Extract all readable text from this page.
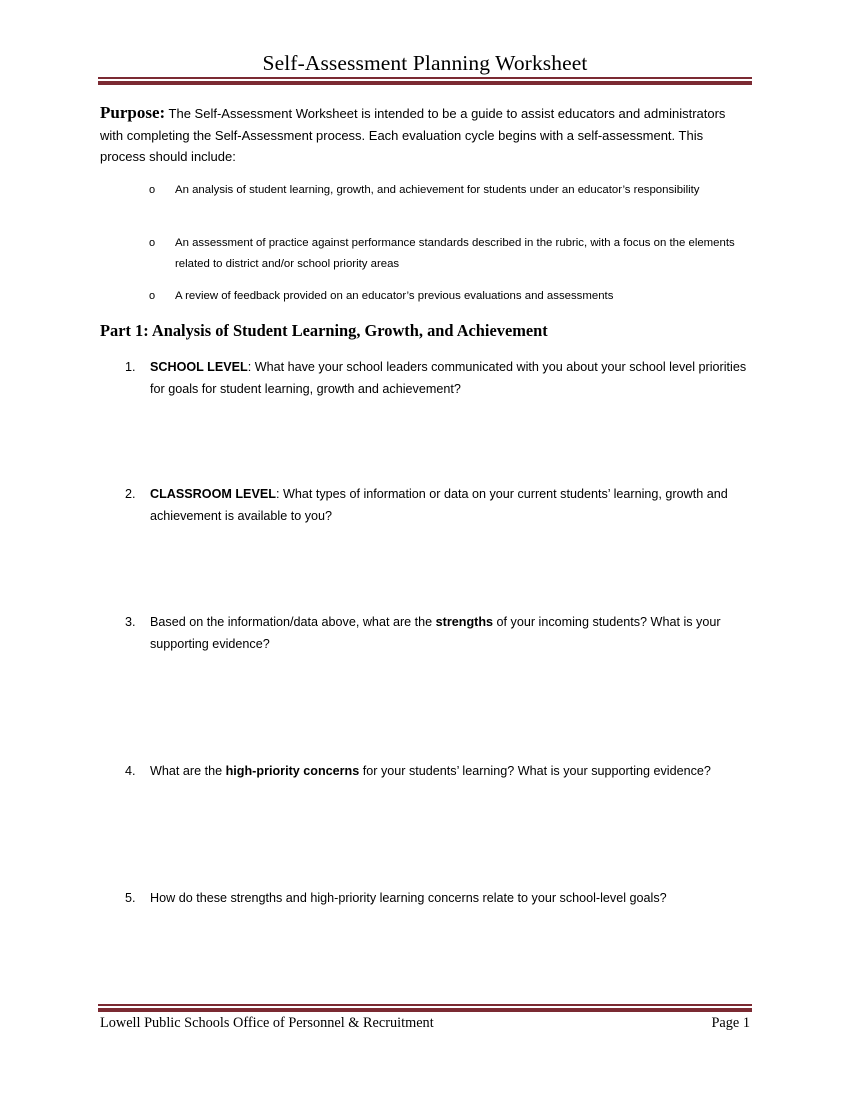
Self-Assessment Planning Worksheet
Purpose: The Self-Assessment Worksheet is intended to be a guide to assist educators and administrators with completing the Self-Assessment process. Each evaluation cycle begins with a self-assessment. This process should include:
o An analysis of student learning, growth, and achievement for students under an educator’s responsibility
o An assessment of practice against performance standards described in the rubric, with a focus on the elements related to district and/or school priority areas
o A review of feedback provided on an educator’s previous evaluations and assessments
Part 1: Analysis of Student Learning, Growth, and Achievement
1. SCHOOL LEVEL: What have your school leaders communicated with you about your school level priorities for goals for student learning, growth and achievement?
2. CLASSROOM LEVEL: What types of information or data on your current students’ learning, growth and achievement is available to you?
3. Based on the information/data above, what are the strengths of your incoming students? What is your supporting evidence?
4. What are the high-priority concerns for your students’ learning? What is your supporting evidence?
5. How do these strengths and high-priority learning concerns relate to your school-level goals?
Lowell Public Schools Office of Personnel & Recruitment	Page 1
